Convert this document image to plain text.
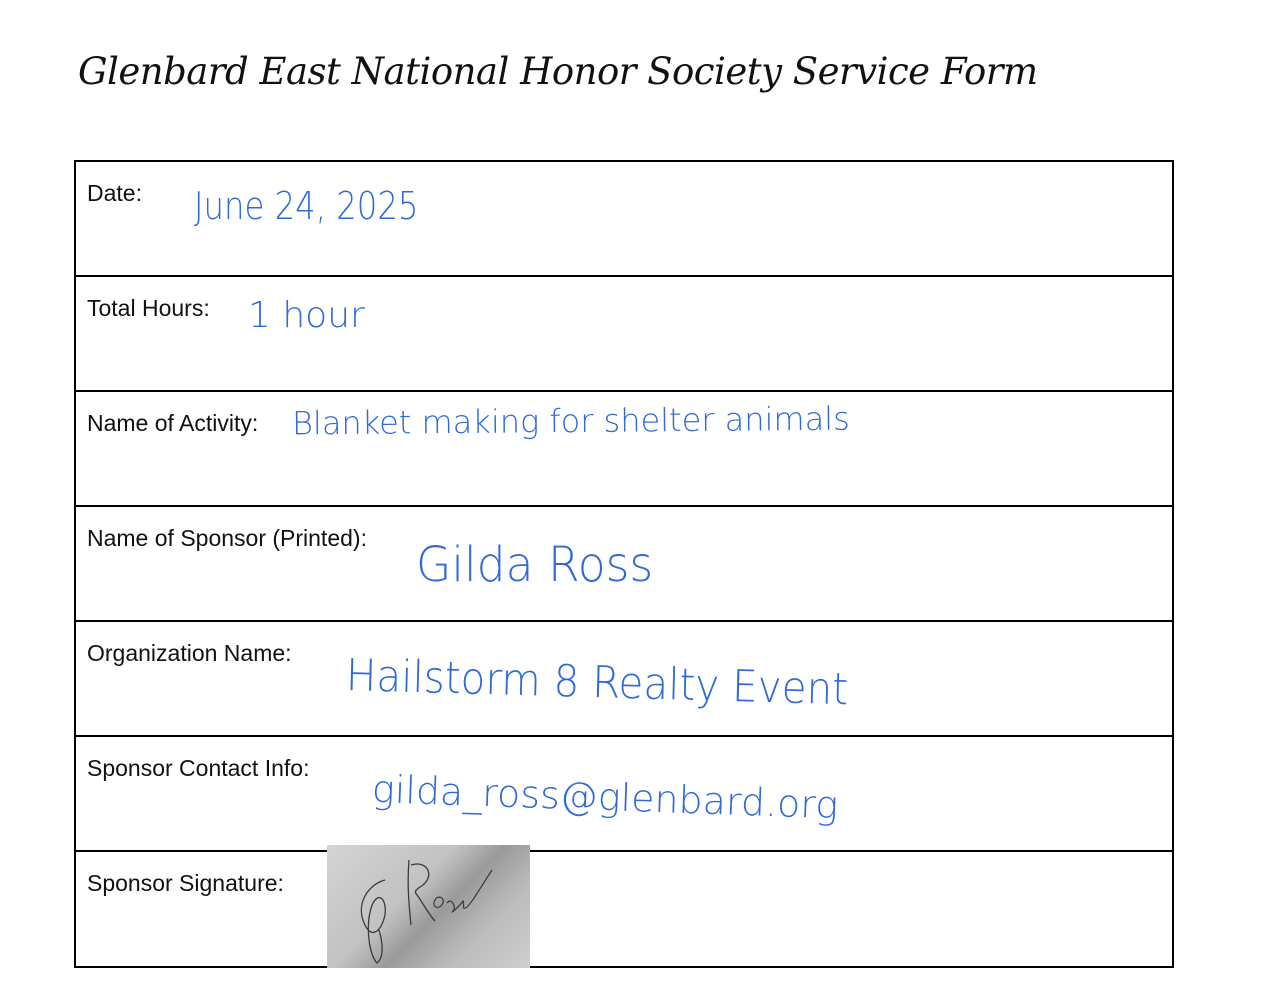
Glenbard East National Honor Society Service Form
Date: June 24, 2025
Total Hours: 1 hour
Name of Activity: Blanket making for shelter animals
Name of Sponsor (Printed): Gilda Ross
Organization Name: Hailstorm 8 Realty Event
Sponsor Contact Info: gilda_ross@glenbard.org
Sponsor Signature:
